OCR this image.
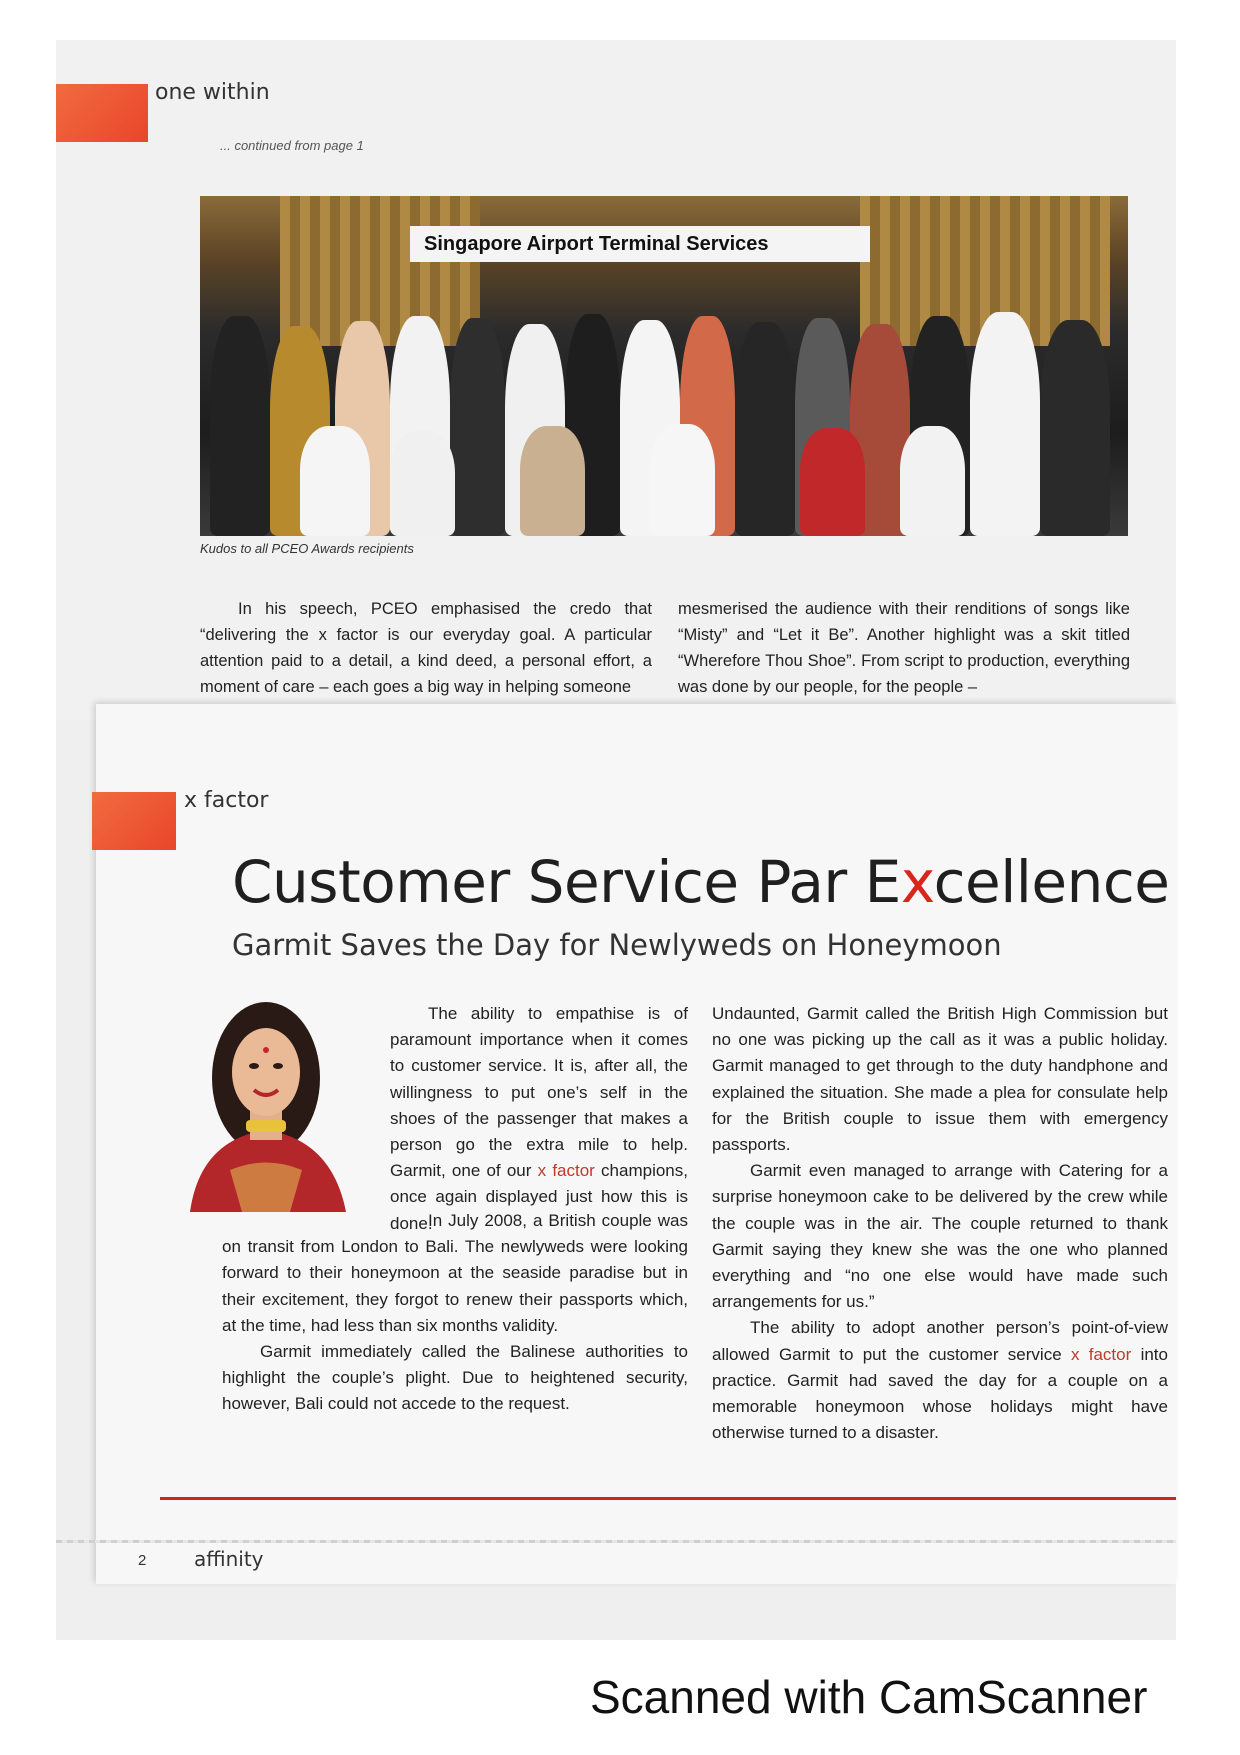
one within
... continued from page 1
Singapore Airport Terminal Services
Kudos to all PCEO Awards recipients

In his speech, PCEO emphasised the credo that “delivering the x factor is our everyday goal. A particular attention paid to a detail, a kind deed, a personal effort, a moment of care – each goes a big way in helping someone

mesmerised the audience with their renditions of songs like “Misty” and “Let it Be”. Another highlight was a skit titled “Wherefore Thou Shoe”. From script to production, everything was done by our people, for the people –

x factor
Customer Service Par Excellence
Garmit Saves the Day for Newlyweds on Honeymoon

The ability to empathise is of paramount importance when it comes to customer service. It is, after all, the willingness to put one’s self in the shoes of the passenger that makes a person go the extra mile to help. Garmit, one of our x factor champions, once again displayed just how this is done.

In July 2008, a British couple was on transit from London to Bali. The newlyweds were looking forward to their honeymoon at the seaside paradise but in their excitement, they forgot to renew their passports which, at the time, had less than six months validity.

Garmit immediately called the Balinese authorities to highlight the couple’s plight. Due to heightened security, however, Bali could not accede to the request.

Undaunted, Garmit called the British High Commission but no one was picking up the call as it was a public holiday. Garmit managed to get through to the duty handphone and explained the situation. She made a plea for consulate help for the British couple to issue them with emergency passports.

Garmit even managed to arrange with Catering for a surprise honeymoon cake to be delivered by the crew while the couple was in the air. The couple returned to thank Garmit saying they knew she was the one who planned everything and “no one else would have made such arrangements for us.”

The ability to adopt another person’s point-of-view allowed Garmit to put the customer service x factor into practice. Garmit had saved the day for a couple on a memorable honeymoon whose holidays might have otherwise turned to a disaster.

2 affinity
Scanned with CamScanner
